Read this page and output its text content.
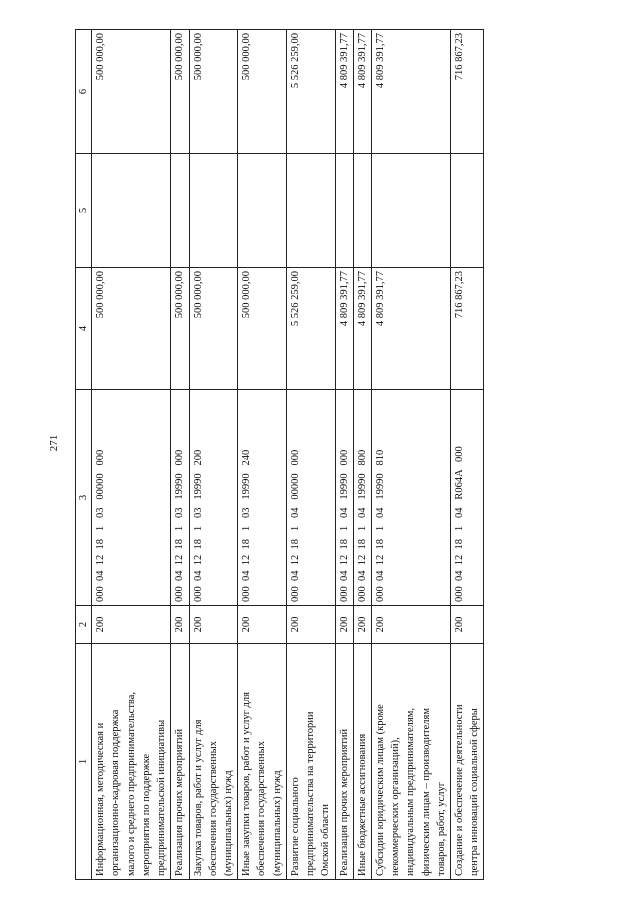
271
1	2	3	4	5	6

Информационная, методическая и организационно-кадровая поддержка малого и среднего предпринимательства, мероприятия по поддержке предпринимательской инициативы	200	000  04  12  18   1   03   00000   000	500 000,00		500 000,00

Реализация прочих мероприятий	200	000  04  12  18   1   03   19990   000	500 000,00		500 000,00

Закупка товаров, работ и услуг для обеспечения государственных (муниципальных) нужд	200	000  04  12  18   1   03   19990   200	500 000,00		500 000,00

Иные закупки товаров, работ и услуг для обеспечения государственных (муниципальных) нужд	200	000  04  12  18   1   03   19990   240	500 000,00		500 000,00

Развитие социального предпринимательства на территории Омской области	200	000  04  12  18   1   04   00000   000	5 526 259,00		5 526 259,00

Реализация прочих мероприятий	200	000  04  12  18   1   04   19990   000	4 809 391,77		4 809 391,77

Иные бюджетные ассигнования	200	000  04  12  18   1   04   19990   800	4 809 391,77		4 809 391,77

Субсидии юридическим лицам (кроме некоммерческих организаций), индивидуальным предпринимателям, физическим лицам – производителям товаров, работ, услуг	200	000  04  12  18   1   04   19990   810	4 809 391,77		4 809 391,77

Создание и обеспечение деятельности центра инноваций социальной сферы	200	000  04  12  18   1   04   R064A   000	716 867,23		716 867,23
